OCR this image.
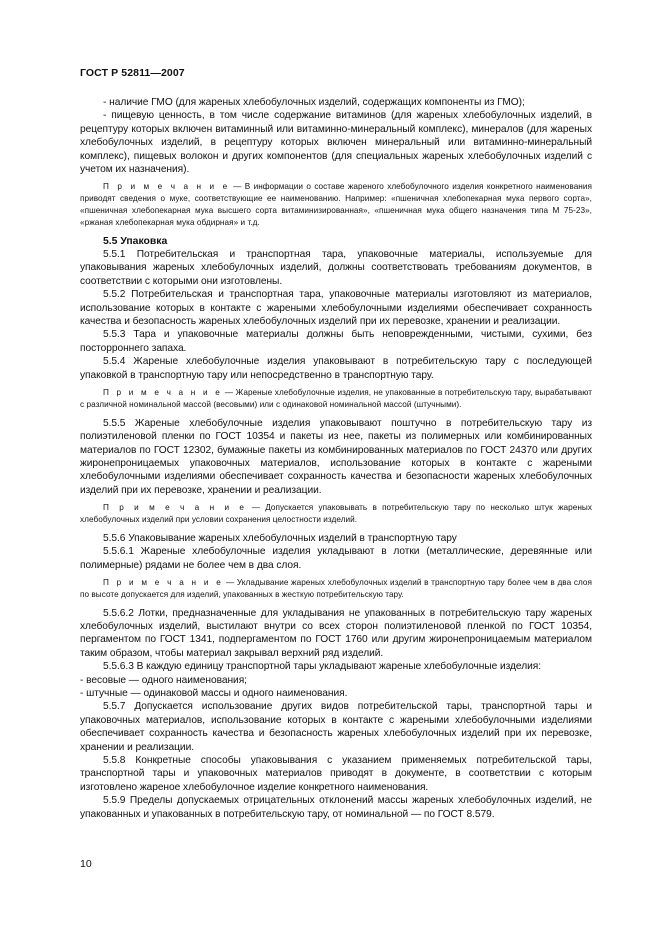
ГОСТ Р 52811—2007

- наличие ГМО (для жареных хлебобулочных изделий, содержащих компоненты из ГМО);

- пищевую ценность, в том числе содержание витаминов (для жареных хлебобулочных изделий, в рецептуру которых включен витаминный или витаминно-минеральный комплекс), минералов (для жареных хлебобулочных изделий, в рецептуру которых включен минеральный или витаминно-минеральный комплекс), пищевых волокон и других компонентов (для специальных жареных хлебобулочных изделий с учетом их назначения).

П р и м е ч а н и е — В информации о составе жареного хлебобулочного изделия конкретного наименования приводят сведения о муке, соответствующие ее наименованию. Например: «пшеничная хлебопекарная мука первого сорта», «пшеничная хлебопекарная мука высшего сорта витаминизированная», «пшеничная мука общего назначения типа М 75-23», «ржаная хлебопекарная мука обдирная» и т.д.

5.5 Упаковка

5.5.1 Потребительская и транспортная тара, упаковочные материалы, используемые для упаковывания жареных хлебобулочных изделий, должны соответствовать требованиям документов, в соответствии с которыми они изготовлены.

5.5.2 Потребительская и транспортная тара, упаковочные материалы изготовляют из материалов, использование которых в контакте с жареными хлебобулочными изделиями обеспечивает сохранность качества и безопасность жареных хлебобулочных изделий при их перевозке, хранении и реализации.

5.5.3 Тара и упаковочные материалы должны быть неповрежденными, чистыми, сухими, без посторроннего запаха.

5.5.4 Жареные хлебобулочные изделия упаковывают в потребительскую тару с последующей упаковкой в транспортную тару или непосредственно в транспортную тару.

П р и м е ч а н и е — Жареные хлебобулочные изделия, не упакованные в потребительскую тару, вырабатывают с различной номинальной массой (весовыми) или с одинаковой номинальной массой (штучными).

5.5.5 Жареные хлебобулочные изделия упаковывают поштучно в потребительскую тару из полиэтиленовой пленки по ГОСТ 10354 и пакеты из нее, пакеты из полимерных или комбинированных материалов по ГОСТ 12302, бумажные пакеты из комбинированных материалов по ГОСТ 24370 или других жиронепроницаемых упаковочных материалов, использование которых в контакте с жареными хлебобулочными изделиями обеспечивает сохранность качества и безопасности жареных хлебобулочных изделий при их перевозке, хранении и реализации.

П р и м е ч а н и е — Допускается упаковывать в потребительскую тару по несколько штук жареных хлебобулочных изделий при условии сохранения целостности изделий.

5.5.6 Упаковывание жареных хлебобулочных изделий в транспортную тару

5.5.6.1 Жареные хлебобулочные изделия укладывают в лотки (металлические, деревянные или полимерные) рядами не более чем в два слоя.

П р и м е ч а н и е — Укладывание жареных хлебобулочных изделий в транспортную тару более чем в два слоя по высоте допускается для изделий, упакованных в жесткую потребительскую тару.

5.5.6.2 Лотки, предназначенные для укладывания не упакованных в потребительскую тару жареных хлебобулочных изделий, выстилают внутри со всех сторон полиэтиленовой пленкой по ГОСТ 10354, пергаментом по ГОСТ 1341, подпергаментом по ГОСТ 1760 или другим жиронепроницаемым материалом таким образом, чтобы материал закрывал верхний ряд изделий.

5.5.6.3 В каждую единицу транспортной тары укладывают жареные хлебобулочные изделия:

- весовые — одного наименования;

- штучные — одинаковой массы и одного наименования.

5.5.7 Допускается использование других видов потребительской тары, транспортной тары и упаковочных материалов, использование которых в контакте с жареными хлебобулочными изделиями обеспечивает сохранность качества и безопасность жареных хлебобулочных изделий при их перевозке, хранении и реализации.

5.5.8 Конкретные способы упаковывания с указанием применяемых потребительской тары, транспортной тары и упаковочных материалов приводят в документе, в соответствии с которым изготовлено жареное хлебобулочное изделие конкретного наименования.

5.5.9 Пределы допускаемых отрицательных отклонений массы жареных хлебобулочных изделий, не упакованных и упакованных в потребительскую тару, от номинальной — по ГОСТ 8.579.

10
